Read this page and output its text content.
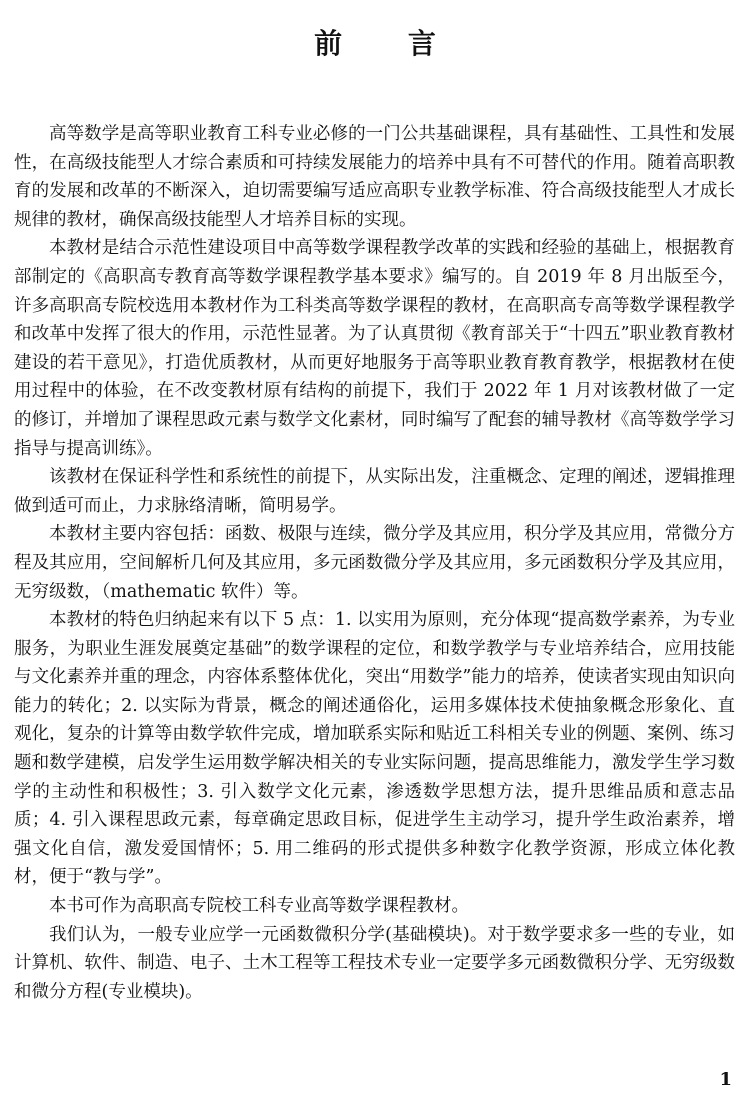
前 言

高等数学是高等职业教育工科专业必修的一门公共基础课程，具有基础性、工具性和发展性，在高级技能型人才综合素质和可持续发展能力的培养中具有不可替代的作用。随着高职教育的发展和改革的不断深入，迫切需要编写适应高职专业教学标准、符合高级技能型人才成长规律的教材，确保高级技能型人才培养目标的实现。

本教材是结合示范性建设项目中高等数学课程教学改革的实践和经验的基础上，根据教育部制定的《高职高专教育高等数学课程教学基本要求》编写的。自 2019 年 8 月出版至今，许多高职高专院校选用本教材作为工科类高等数学课程的教材，在高职高专高等数学课程教学和改革中发挥了很大的作用，示范性显著。为了认真贯彻《教育部关于“十四五”职业教育教材建设的若干意见》，打造优质教材，从而更好地服务于高等职业教育教育教学，根据教材在使用过程中的体验，在不改变教材原有结构的前提下，我们于 2022 年 1 月对该教材做了一定的修订，并增加了课程思政元素与数学文化素材，同时编写了配套的辅导教材《高等数学学习指导与提高训练》。

该教材在保证科学性和系统性的前提下，从实际出发，注重概念、定理的阐述，逻辑推理做到适可而止，力求脉络清晰，简明易学。

本教材主要内容包括：函数、极限与连续，微分学及其应用，积分学及其应用，常微分方程及其应用，空间解析几何及其应用，多元函数微分学及其应用，多元函数积分学及其应用，无穷级数，（mathematic 软件）等。

本教材的特色归纳起来有以下 5 点：1. 以实用为原则，充分体现“提高数学素养，为专业服务，为职业生涯发展奠定基础”的数学课程的定位，和数学教学与专业培养结合，应用技能与文化素养并重的理念，内容体系整体优化，突出“用数学”能力的培养，使读者实现由知识向能力的转化；2. 以实际为背景，概念的阐述通俗化，运用多媒体技术使抽象概念形象化、直观化，复杂的计算等由数学软件完成，增加联系实际和贴近工科相关专业的例题、案例、练习题和数学建模，启发学生运用数学解决相关的专业实际问题，提高思维能力，激发学生学习数学的主动性和积极性；3. 引入数学文化元素，渗透数学思想方法，提升思维品质和意志品质；4. 引入课程思政元素，每章确定思政目标，促进学生主动学习，提升学生政治素养，增强文化自信，激发爱国情怀；5. 用二维码的形式提供多种数字化教学资源，形成立体化教材，便于“教与学”。

本书可作为高职高专院校工科专业高等数学课程教材。

我们认为，一般专业应学一元函数微积分学(基础模块)。对于数学要求多一些的专业，如计算机、软件、制造、电子、土木工程等工程技术专业一定要学多元函数微积分学、无穷级数和微分方程(专业模块)。

1
